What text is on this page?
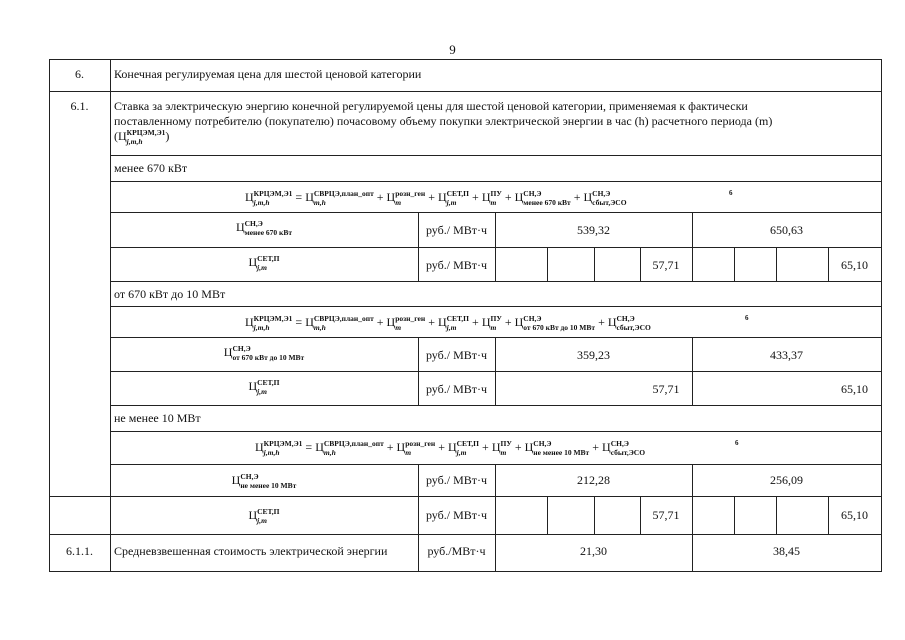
9
6.	Конечная регулируемая цена для шестой ценовой категории
6.1.	Ставка за электрическую энергию конечной регулируемой цены для шестой ценовой категории, применяемая к фактически
поставленному потребителю (покупателю) почасовому объему покупки электрической энергии в час (h) расчетного периода (m)
(Ц КРЦЭМ,Э1
j,m,h	)
менее 670 кВт
Ц КРЦЭМ,Э1
j,m,h	= Ц СВРЦЭ,план_опт
m,h	+ Ц розн_ген
m	+ Ц СЕТ,П
j,m	+ Ц ПУ
m + Ц СН,Э
менее 670 кВт + Ц СН,Э
сбыт,ЭСО
6
Ц СН,Э
менее 670 кВт	руб./ МВт·ч	539,32	650,63
Ц СЕТ,П
j,m	руб./ МВт·ч	57,71	65,10
от 670 кВт до 10 МВт
Ц КРЦЭМ,Э1
j,m,h	= Ц СВРЦЭ,план_опт
m,h	+ Ц розн_ген
m	+ Ц СЕТ,П
j,m	+ Ц ПУ
m + Ц СН,Э
от 670 кВт до 10 МВт + Ц СН,Э
сбыт,ЭСО
6
Ц СН,Э
от 670 кВт до 10 МВт	руб./ МВт·ч	359,23	433,37
Ц СЕТ,П
j,m	руб./ МВт·ч	57,71	65,10
не менее 10 МВт
Ц КРЦЭМ,Э1
j,m,h	= Ц СВРЦЭ,план_опт
m,h	+ Ц розн_ген
m	+ Ц СЕТ,П
j,m	+ Ц ПУ
m + Ц СН,Э
не менее 10 МВт + Ц СН,Э
сбыт,ЭСО
6
Ц СН,Э
не менее 10 МВт	руб./ МВт·ч	212,28	256,09
Ц СЕТ,П
j,m	руб./ МВт·ч	57,71	65,10
6.1.1.	Средневзвешенная стоимость электрической энергии	руб./МВт·ч	21,30	38,45
